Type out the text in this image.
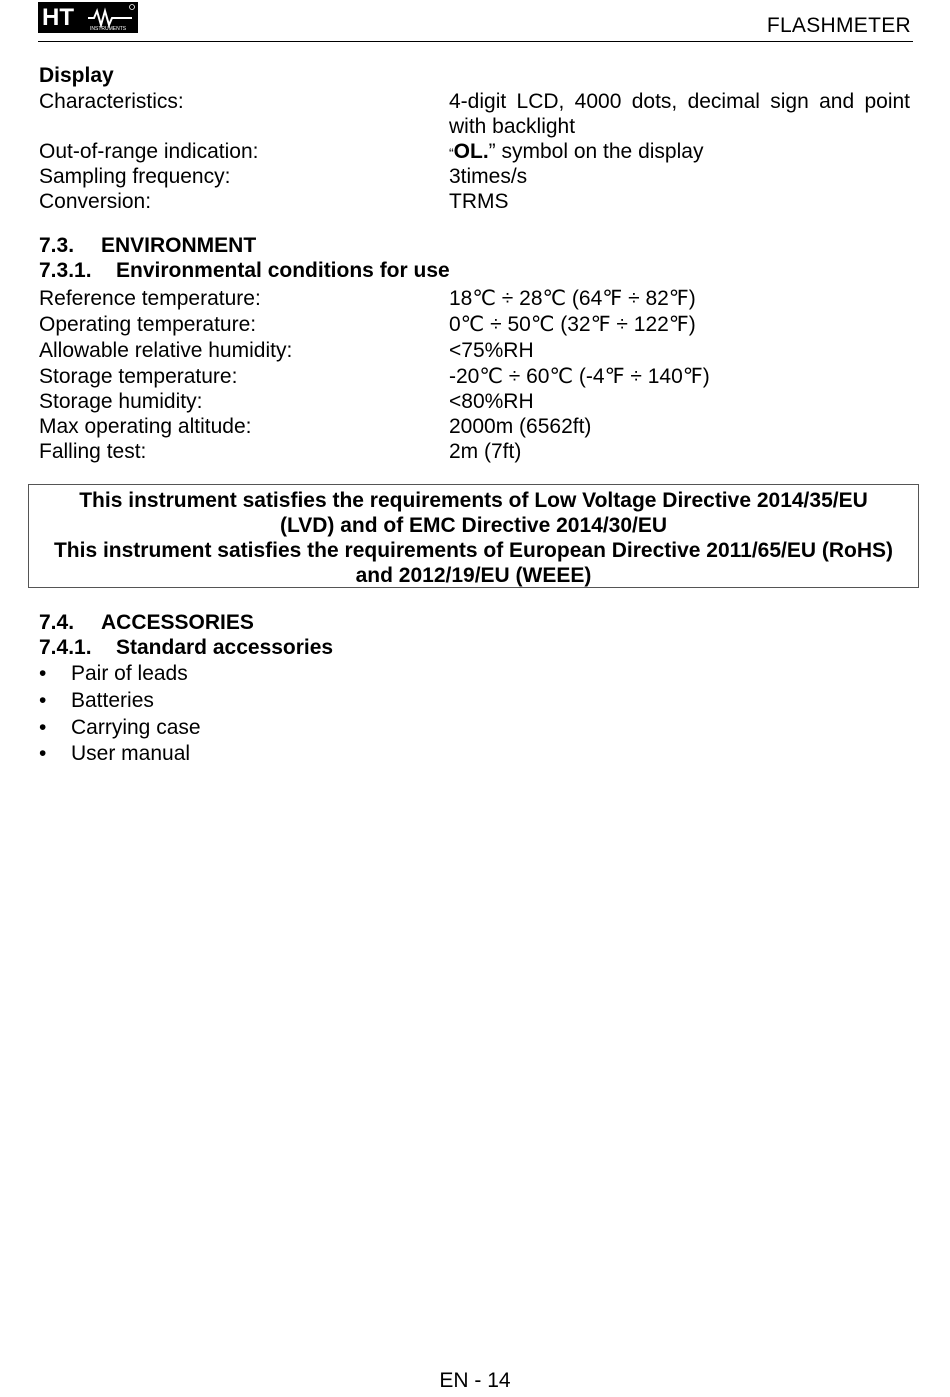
HT	INSTRUMENTS	FLASHMETER
Display
Characteristics:	4-digit LCD, 4000 dots, decimal sign and point with backlight
Out-of-range indication:	“OL.” symbol on the display
Sampling frequency:	3times/s
Conversion:	TRMS
7.3. ENVIRONMENT
7.3.1. Environmental conditions for use
Reference temperature:	18℃ ÷ 28℃ (64℉ ÷ 82℉)
Operating temperature:	0℃ ÷ 50℃ (32℉ ÷ 122℉)
Allowable relative humidity:	<75%RH
Storage temperature:	-20℃ ÷ 60℃ (-4℉ ÷ 140℉)
Storage humidity:	<80%RH
Max operating altitude:	2000m (6562ft)
Falling test:	2m (7ft)
This instrument satisfies the requirements of Low Voltage Directive 2014/35/EU
(LVD) and of EMC Directive 2014/30/EU
This instrument satisfies the requirements of European Directive 2011/65/EU (RoHS)
and 2012/19/EU (WEEE)
7.4. ACCESSORIES
7.4.1. Standard accessories
• Pair of leads
• Batteries
• Carrying case
• User manual
EN - 14
